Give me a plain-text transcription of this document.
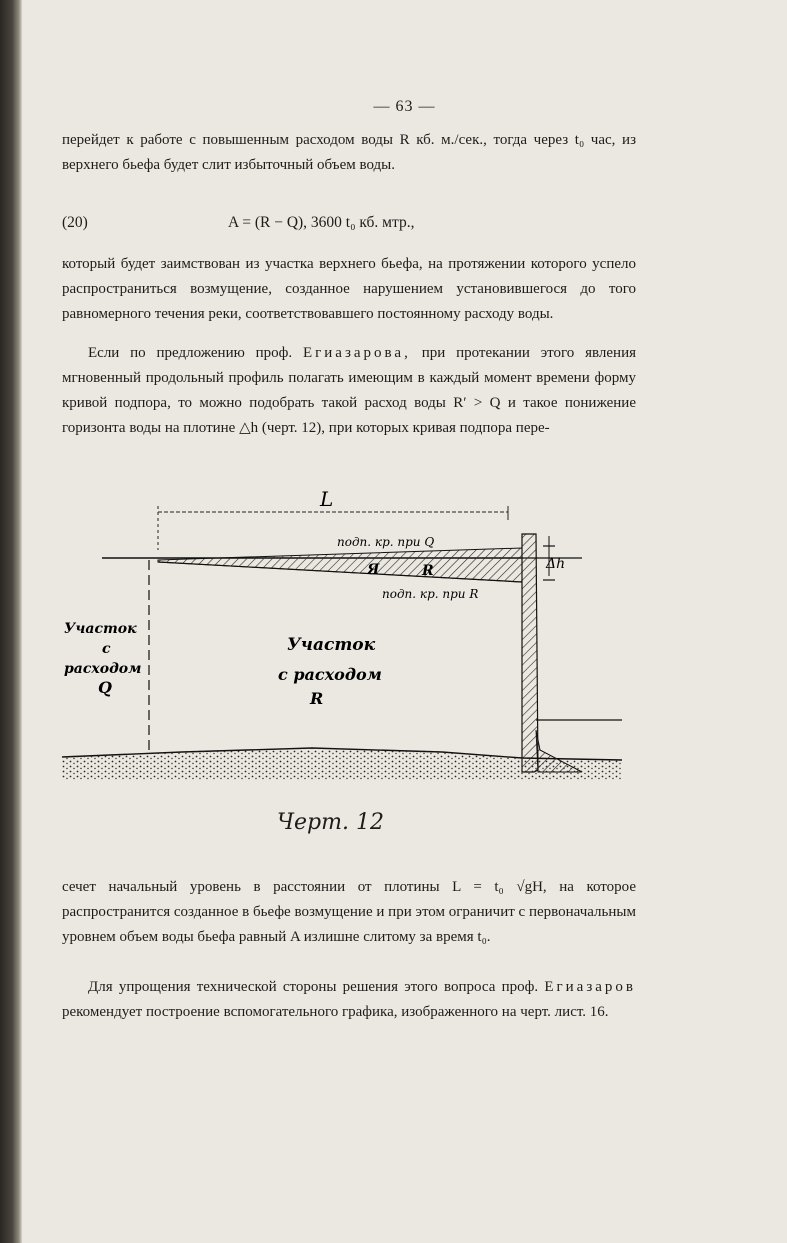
— 63 —

перейдет к работе с повышенным расходом воды R кб. м./сек., тогда через t₀ час, из верхнего бьефа будет слит избыточный объем воды.

(20)	A = (R − Q), 3600 t₀ кб. мтр.,

который будет заимствован из участка верхнего бьефа, на протяжении которого успело распространиться возмущение, созданное нарушением установившегося до того равномерного течения реки, соответствовавшего постоянному расходу воды.

Если по предложению проф. Егиазарова, при протекании этого явления мгновенный продольный профиль полагать имеющим в каждый момент времени форму кривой подпора, то можно подобрать такой расход воды R′ > Q и такое понижение горизонта воды на плотине △h (черт. 12), при которых кривая подпора пере-

L
подп. кр. при Q
Я	R
подп. кр. при R
Δh
Участок
с
расходом
Q
Участок
с расходом
R
Черт. 12

сечет начальный уровень в расстоянии от плотины L = t₀ √gH, на которое распространится созданное в бьефе возмущение и при этом ограничит с первоначальным уровнем объем воды бьефа равный A излишне слитому за время t₀.

Для упрощения технической стороны решения этого вопроса проф. Егиазаров рекомендует построение вспомогательного графика, изображенного на черт. лист. 16.
